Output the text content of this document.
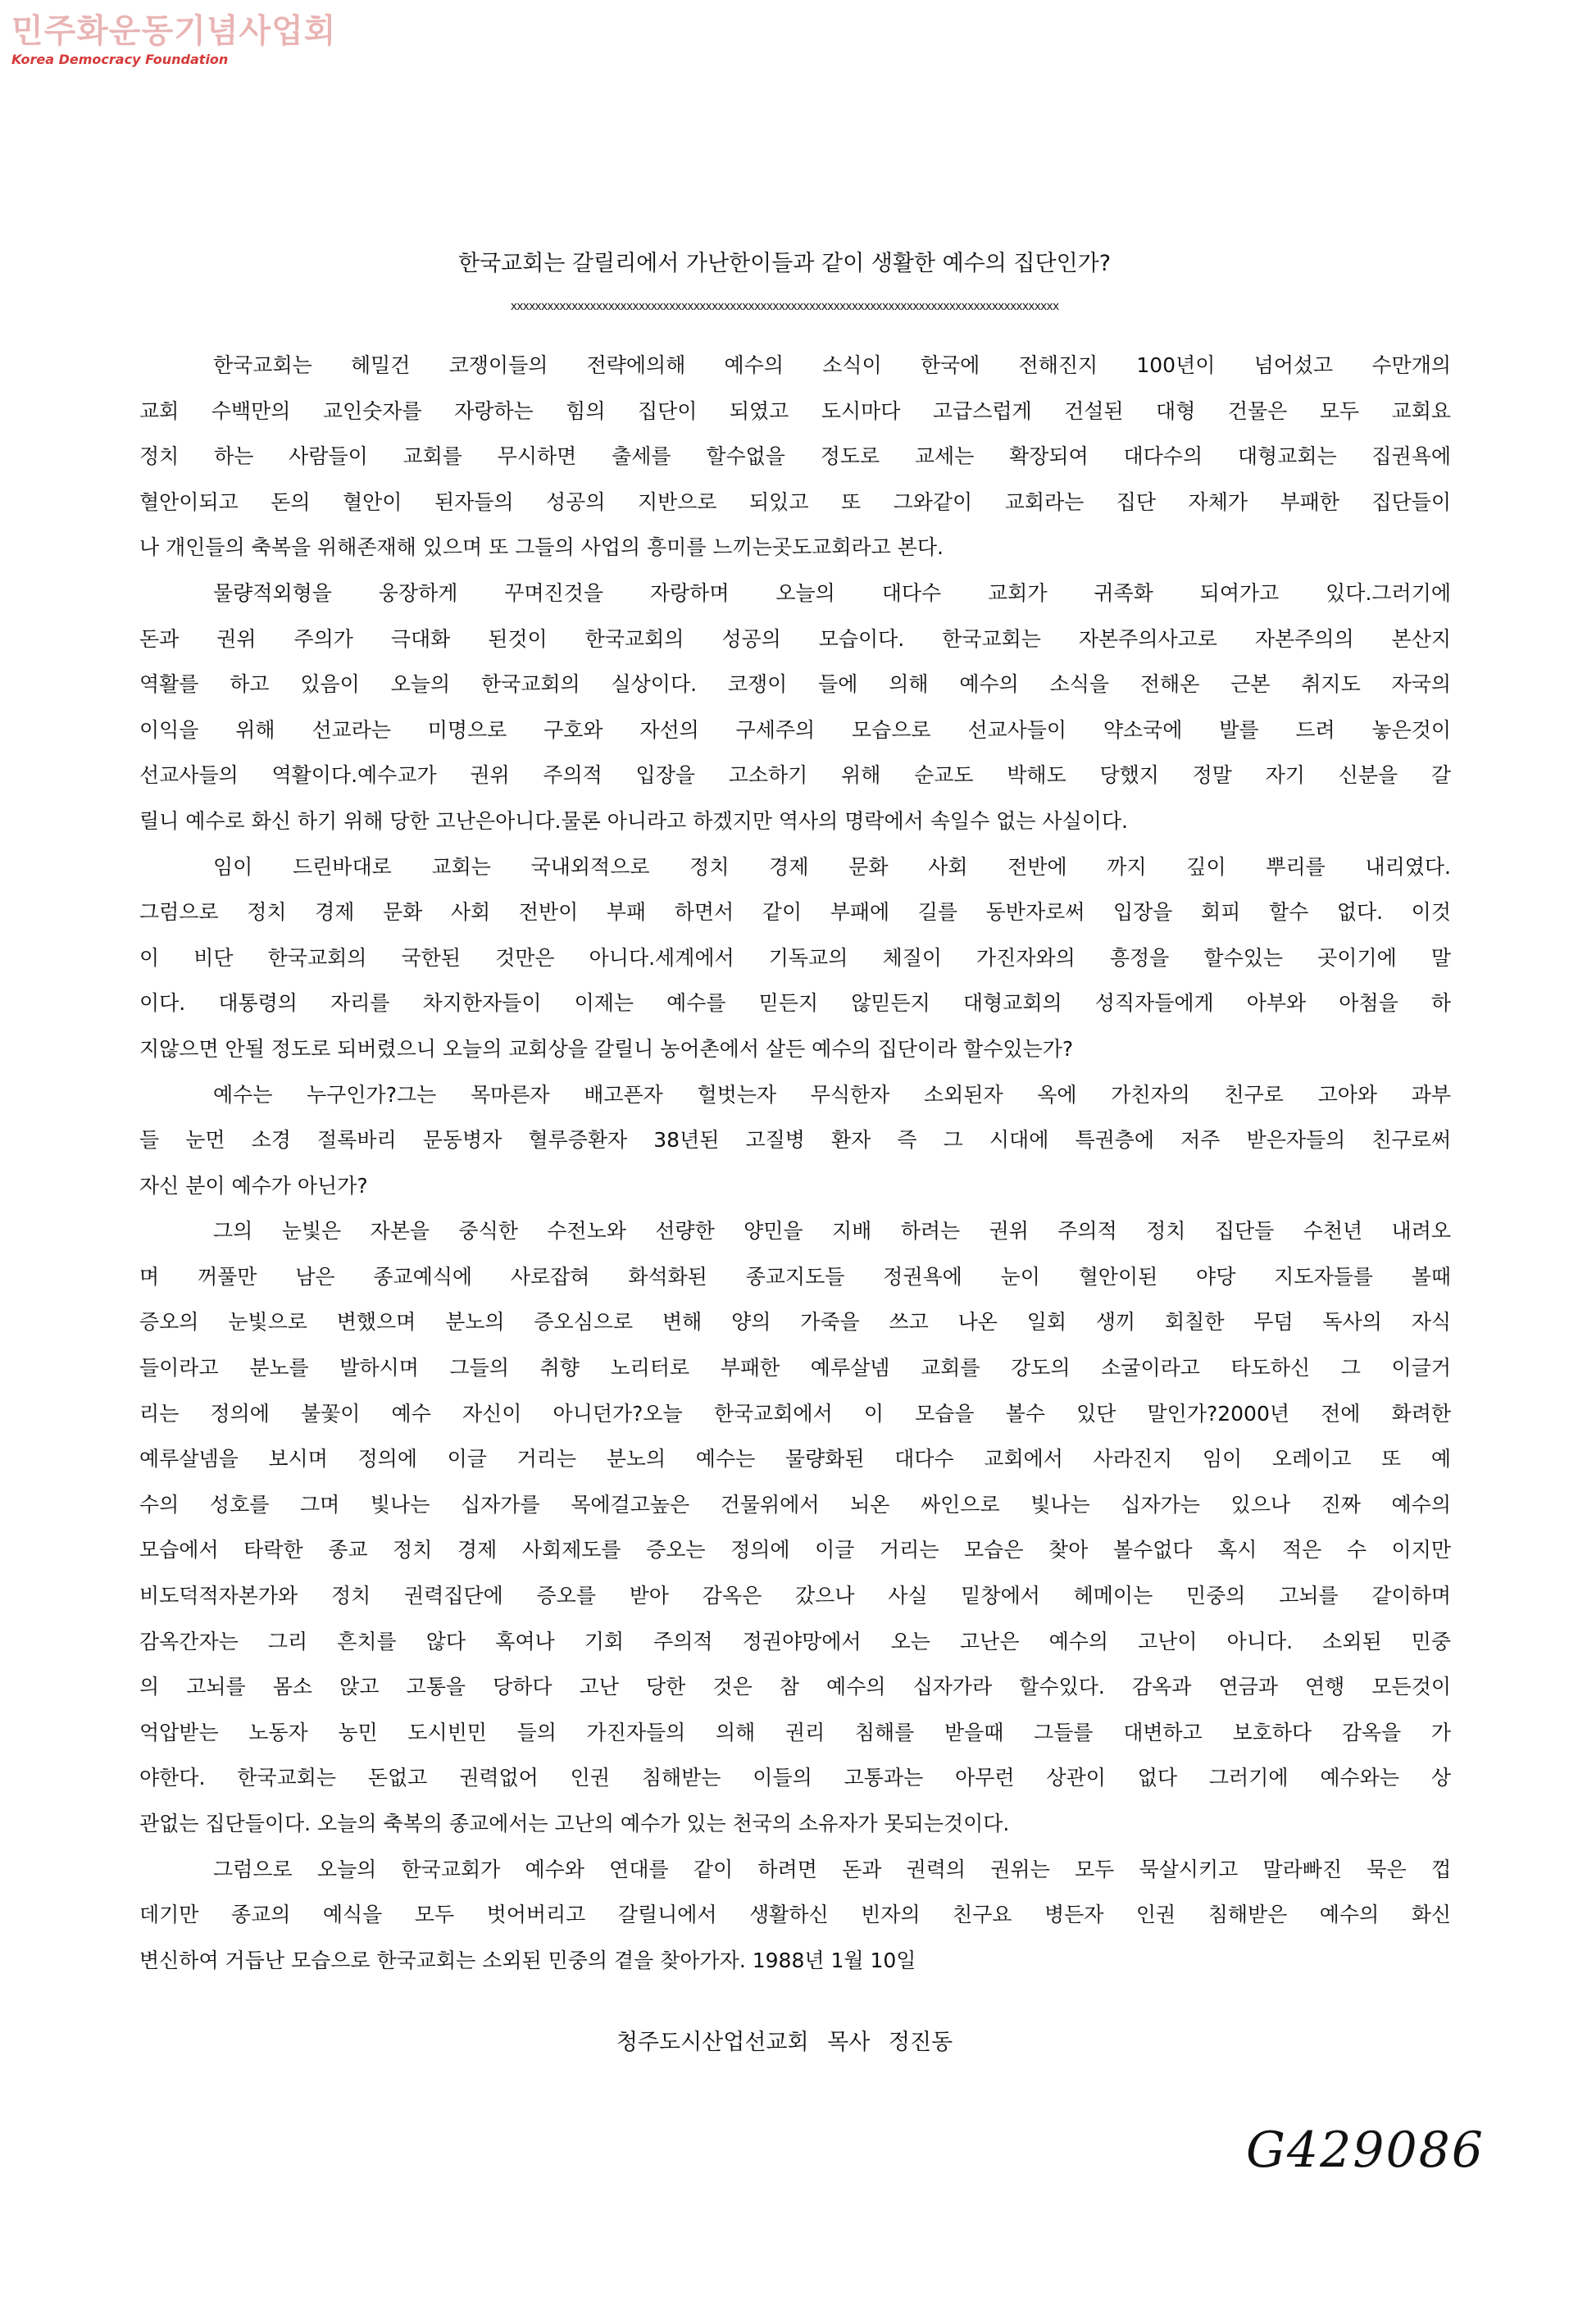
민주화운동기념사업회
Korea Democracy Foundation
한국교회는 갈릴리에서 가난한이들과 같이 생활한 예수의 집단인가?
xxxxxxxxxxxxxxxxxxxxxxxxxxxxxxxxxxxxxxxxxxxxxxxxxxxxxxxxxxxxxxxxxxxxxxxxxxxxxxxxxxxxxxxxxx
한국교회는 헤밀건 코쟁이들의 전략에의해 예수의 소식이 한국에 전해진지 100년이 넘어섰고 수만개의
교회 수백만의 교인숫자를 자랑하는 힘의 집단이 되였고 도시마다 고급스럽게 건설된 대형 건물은 모두 교회요
정치 하는 사람들이 교회를 무시하면 출세를 할수없을 정도로 교세는 확장되여 대다수의 대형교회는 집권욕에
혈안이되고 돈의 혈안이 된자들의 성공의 지반으로 되있고 또 그와같이 교회라는 집단 자체가 부패한 집단들이
나 개인들의 축복을 위해존재해 있으며 또 그들의 사업의 흥미를 느끼는곳도교회라고 본다.
물량적외형을 웅장하게 꾸며진것을 자랑하며 오늘의 대다수 교회가 귀족화 되여가고 있다.그러기에
돈과 권위 주의가 극대화 된것이 한국교회의 성공의 모습이다. 한국교회는 자본주의사고로 자본주의의 본산지
역활를 하고 있음이 오늘의 한국교회의 실상이다. 코쟁이 들에 의해 예수의 소식을 전해온 근본 취지도 자국의
이익을 위해 선교라는 미명으로 구호와 자선의 구세주의 모습으로 선교사들이 약소국에 발를 드려 놓은것이
선교사들의 역활이다.예수교가 권위 주의적 입장을 고소하기 위해 순교도 박해도 당했지 정말 자기 신분을 갈
릴니 예수로 화신 하기 위해 당한 고난은아니다.물론 아니라고 하겠지만 역사의 명락에서 속일수 없는 사실이다.
임이 드린바대로 교회는 국내외적으로 정치 경제 문화 사회 전반에 까지 깊이 뿌리를 내리였다.
그럼으로 정치 경제 문화 사회 전반이 부패 하면서 같이 부패에 길를 동반자로써 입장을 회피 할수 없다. 이것
이 비단 한국교회의 국한된 것만은 아니다.세계에서 기독교의 체질이 가진자와의 흥정을 할수있는 곳이기에 말
이다. 대통령의 자리를 차지한자들이 이제는 예수를 믿든지 않믿든지 대형교회의 성직자들에게 아부와 아첨을 하
지않으면 안될 정도로 되버렸으니 오늘의 교회상을 갈릴니 농어촌에서 살든 예수의 집단이라 할수있는가?
예수는 누구인가?그는 목마른자 배고픈자 헐벗는자 무식한자 소외된자 옥에 가친자의 친구로 고아와 과부
들 눈먼 소경 절록바리 문동병자 혈루증환자 38년된 고질병 환자 즉 그 시대에 특권층에 저주 받은자들의 친구로써
자신 분이 예수가 아닌가?
그의 눈빛은 자본을 중식한 수전노와 선량한 양민을 지배 하려는 권위 주의적 정치 집단들 수천년 내려오
며 꺼풀만 남은 종교예식에 사로잡혀 화석화된 종교지도들 정권욕에 눈이 혈안이된 야당 지도자들를 볼때
증오의 눈빛으로 변했으며 분노의 증오심으로 변해 양의 가죽을 쓰고 나온 일회 생끼 회칠한 무덤 독사의 자식
들이라고 분노를 발하시며 그들의 취향 노리터로 부패한 예루살넴 교회를 강도의 소굴이라고 타도하신 그 이글거
리는 정의에 불꽃이 예수 자신이 아니던가?오늘 한국교회에서 이 모습을 볼수 있단 말인가?2000년 전에 화려한
예루살넴을 보시며 정의에 이글 거리는 분노의 예수는 물량화된 대다수 교회에서 사라진지 임이 오레이고 또 예
수의 성호를 그며 빛나는 십자가를 목에걸고높은 건물위에서 뇌온 싸인으로 빛나는 십자가는 있으나 진짜 예수의
모습에서 타락한 종교 정치 경제 사회제도를 증오는 정의에 이글 거리는 모습은 찾아 볼수없다 혹시 적은 수 이지만
비도덕적자본가와 정치 권력집단에 증오를 받아 감옥은 갔으나 사실 밑창에서 헤메이는 민중의 고뇌를 같이하며
감옥간자는 그리 흔치를 않다 혹여나 기회 주의적 정권야망에서 오는 고난은 예수의 고난이 아니다. 소외된 민중
의 고뇌를 몸소 앉고 고통을 당하다 고난 당한 것은 참 예수의 십자가라 할수있다. 감옥과 연금과 연행 모든것이
억압받는 노동자 농민 도시빈민 들의 가진자들의 의해 권리 침해를 받을때 그들를 대변하고 보호하다 감옥을 가
야한다. 한국교회는 돈없고 권력없어 인권 침해받는 이들의 고통과는 아무런 상관이 없다 그러기에 예수와는 상
관없는 집단들이다. 오늘의 축복의 종교에서는 고난의 예수가 있는 천국의 소유자가 못되는것이다.
그럼으로 오늘의 한국교회가 예수와 연대를 같이 하려면 돈과 권력의 권위는 모두 묵살시키고 말라빠진 묵은 껍
데기만 종교의 예식을 모두 벗어버리고 갈릴니에서 생활하신 빈자의 친구요 병든자 인권 침해받은 예수의 화신
변신하여 거듭난 모습으로 한국교회는 소외된 민중의 곁을 찾아가자. 1988년 1월 10일
청주도시산업선교회 목사 정진동
G429086
